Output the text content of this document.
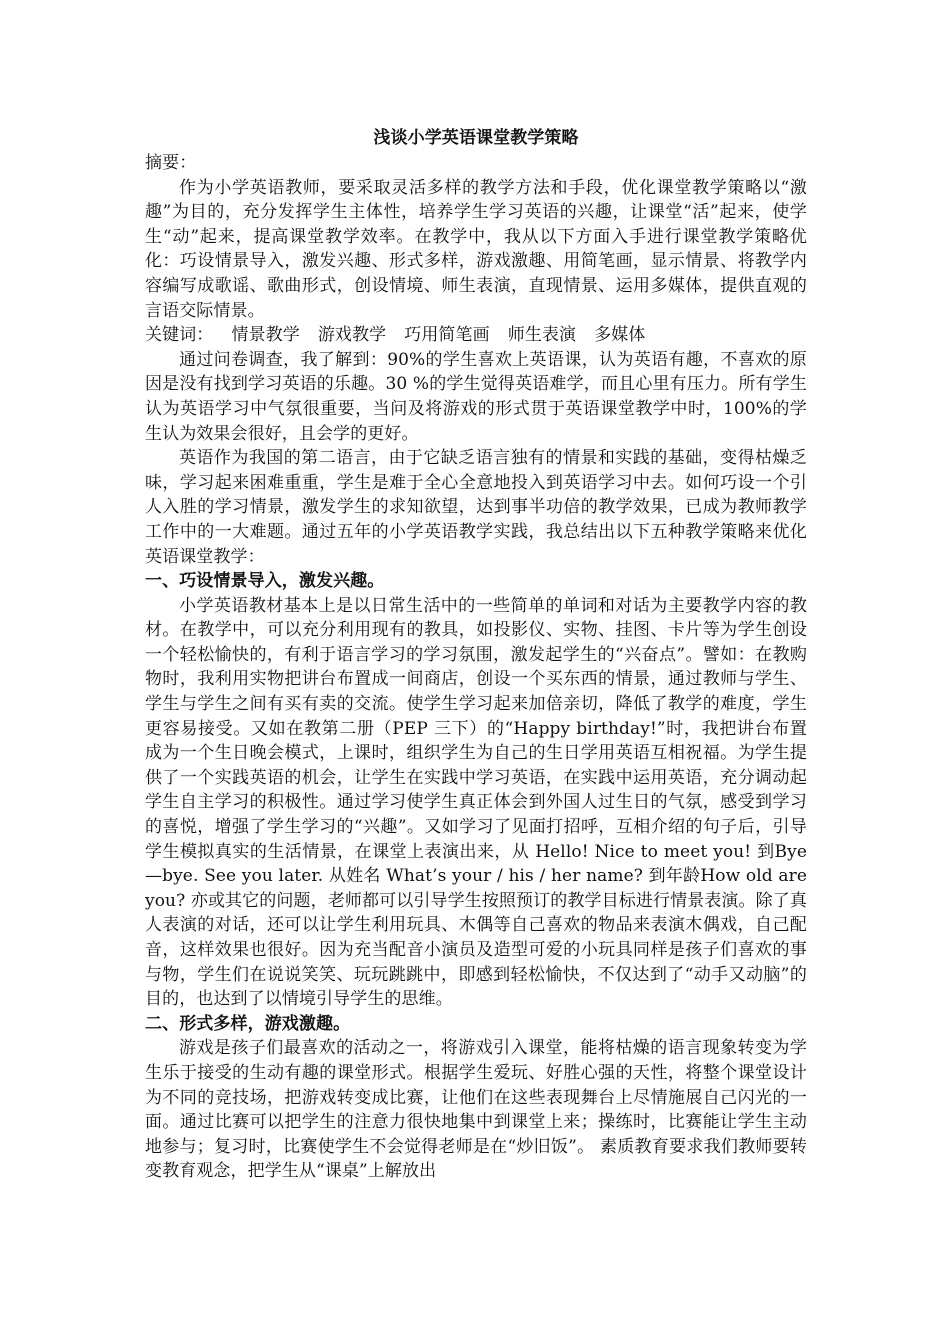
浅谈小学英语课堂教学策略

摘要：

作为小学英语教师，要采取灵活多样的教学方法和手段，优化课堂教学策略以“激趣”为目的，充分发挥学生主体性，培养学生学习英语的兴趣，让课堂“活”起来，使学生“动”起来，提高课堂教学效率。在教学中，我从以下方面入手进行课堂教学策略优化：巧设情景导入，激发兴趣、形式多样，游戏激趣、用简笔画，显示情景、将教学内容编写成歌谣、歌曲形式，创设情境、师生表演，直现情景、运用多媒体，提供直观的言语交际情景。

关键词： 情景教学 游戏教学 巧用简笔画 师生表演 多媒体

通过问卷调查，我了解到：90%的学生喜欢上英语课，认为英语有趣，不喜欢的原因是没有找到学习英语的乐趣。30 %的学生觉得英语难学，而且心里有压力。所有学生认为英语学习中气氛很重要，当问及将游戏的形式贯于英语课堂教学中时，100%的学生认为效果会很好，且会学的更好。

英语作为我国的第二语言，由于它缺乏语言独有的情景和实践的基础，变得枯燥乏味，学习起来困难重重，学生是难于全心全意地投入到英语学习中去。如何巧设一个引人入胜的学习情景，激发学生的求知欲望，达到事半功倍的教学效果，已成为教师教学工作中的一大难题。通过五年的小学英语教学实践，我总结出以下五种教学策略来优化英语课堂教学：

一、巧设情景导入，激发兴趣。

小学英语教材基本上是以日常生活中的一些简单的单词和对话为主要教学内容的教材。在教学中，可以充分利用现有的教具，如投影仪、实物、挂图、卡片等为学生创设一个轻松愉快的，有利于语言学习的学习氛围，激发起学生的“兴奋点”。譬如：在教购物时，我利用实物把讲台布置成一间商店，创设一个买东西的情景，通过教师与学生、学生与学生之间有买有卖的交流。使学生学习起来加倍亲切，降低了教学的难度，学生更容易接受。又如在教第二册（PEP 三下）的“Happy birthday!”时，我把讲台布置成为一个生日晚会模式，上课时，组织学生为自己的生日学用英语互相祝福。为学生提供了一个实践英语的机会，让学生在实践中学习英语，在实践中运用英语，充分调动起学生自主学习的积极性。通过学习使学生真正体会到外国人过生日的气氛，感受到学习的喜悦，增强了学生学习的“兴趣”。又如学习了见面打招呼，互相介绍的句子后，引导学生模拟真实的生活情景，在课堂上表演出来，从 Hello! Nice to meet you! 到Bye—bye. See you later. 从姓名 What’s your / his / her name? 到年龄How old are you? 亦或其它的问题，老师都可以引导学生按照预订的教学目标进行情景表演。除了真人表演的对话，还可以让学生利用玩具、木偶等自己喜欢的物品来表演木偶戏，自己配音，这样效果也很好。因为充当配音小演员及造型可爱的小玩具同样是孩子们喜欢的事与物，学生们在说说笑笑、玩玩跳跳中，即感到轻松愉快，不仅达到了“动手又动脑”的目的，也达到了以情境引导学生的思维。

二、形式多样，游戏激趣。

游戏是孩子们最喜欢的活动之一，将游戏引入课堂，能将枯燥的语言现象转变为学生乐于接受的生动有趣的课堂形式。根据学生爱玩、好胜心强的天性，将整个课堂设计为不同的竞技场，把游戏转变成比赛，让他们在这些表现舞台上尽情施展自己闪光的一面。通过比赛可以把学生的注意力很快地集中到课堂上来；操练时，比赛能让学生主动地参与；复习时，比赛使学生不会觉得老师是在“炒旧饭”。 素质教育要求我们教师要转变教育观念，把学生从“课桌”上解放出
